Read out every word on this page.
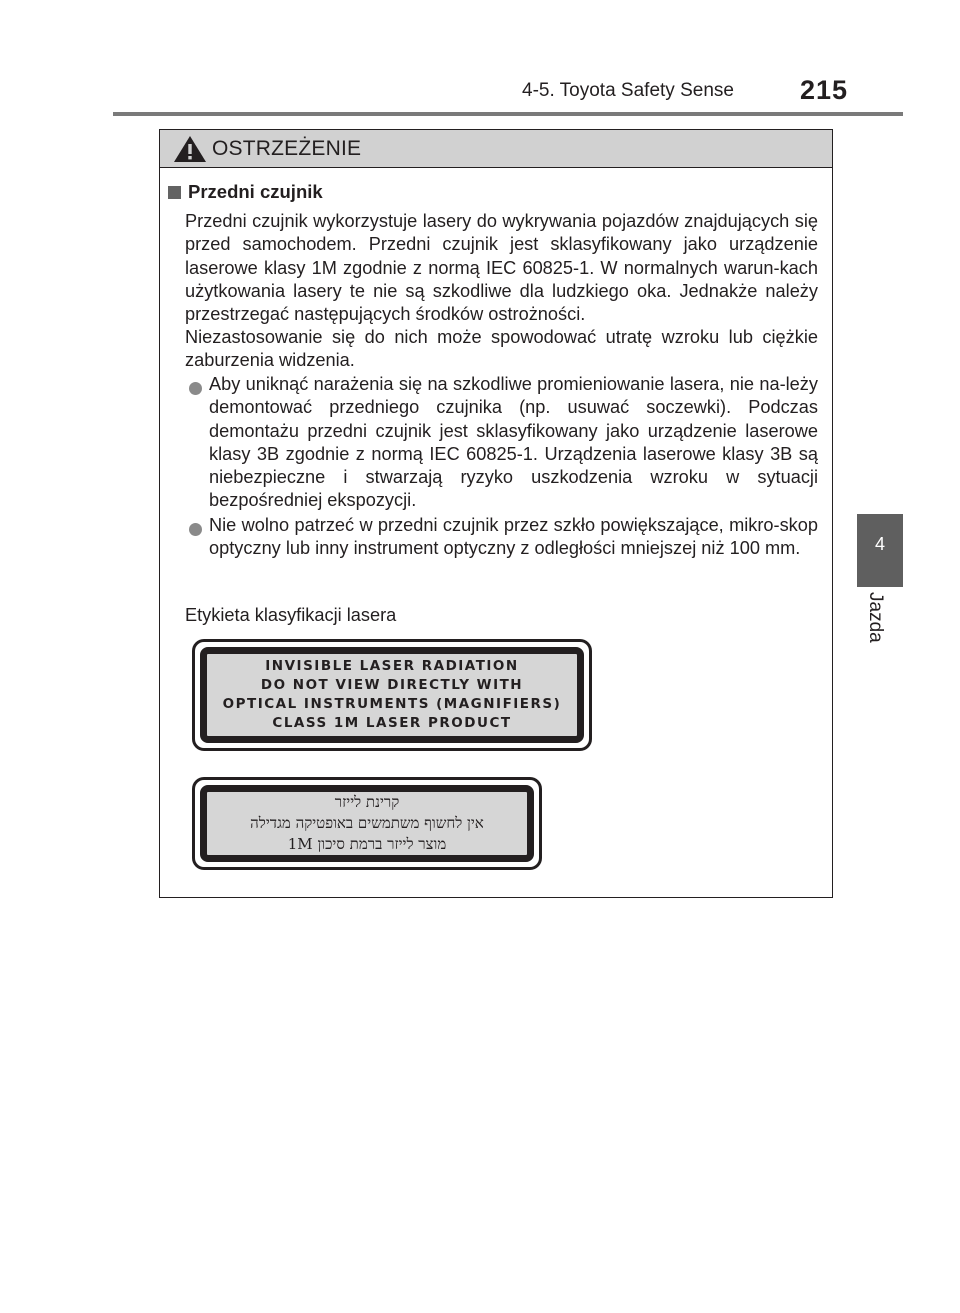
4-5. Toyota Safety Sense 215
4
Jazda
OSTRZEŻENIE
Przedni czujnik
Przedni czujnik wykorzystuje lasery do wykrywania pojazdów znajdujących się przed samochodem. Przedni czujnik jest sklasyfikowany jako urządzenie laserowe klasy 1M zgodnie z normą IEC 60825-1. W normalnych warun-kach użytkowania lasery te nie są szkodliwe dla ludzkiego oka. Jednakże należy przestrzegać następujących środków ostrożności.
Niezastosowanie się do nich może spowodować utratę wzroku lub ciężkie zaburzenia widzenia.
Aby uniknąć narażenia się na szkodliwe promieniowanie lasera, nie na-leży demontować przedniego czujnika (np. usuwać soczewki). Podczas demontażu przedni czujnik jest sklasyfikowany jako urządzenie laserowe klasy 3B zgodnie z normą IEC 60825-1. Urządzenia laserowe klasy 3B są niebezpieczne i stwarzają ryzyko uszkodzenia wzroku w sytuacji bezpośredniej ekspozycji.
Nie wolno patrzeć w przedni czujnik przez szkło powiększające, mikro-skop optyczny lub inny instrument optyczny z odległości mniejszej niż 100 mm.
Etykieta klasyfikacji lasera
INVISIBLE LASER RADIATION
DO NOT VIEW DIRECTLY WITH
OPTICAL INSTRUMENTS (MAGNIFIERS)
CLASS 1M LASER PRODUCT
קרינת לייזר
אין לחשוף משתמשים באופטיקה מגדילה
מוצר לייזר ברמת סיכון 1M
